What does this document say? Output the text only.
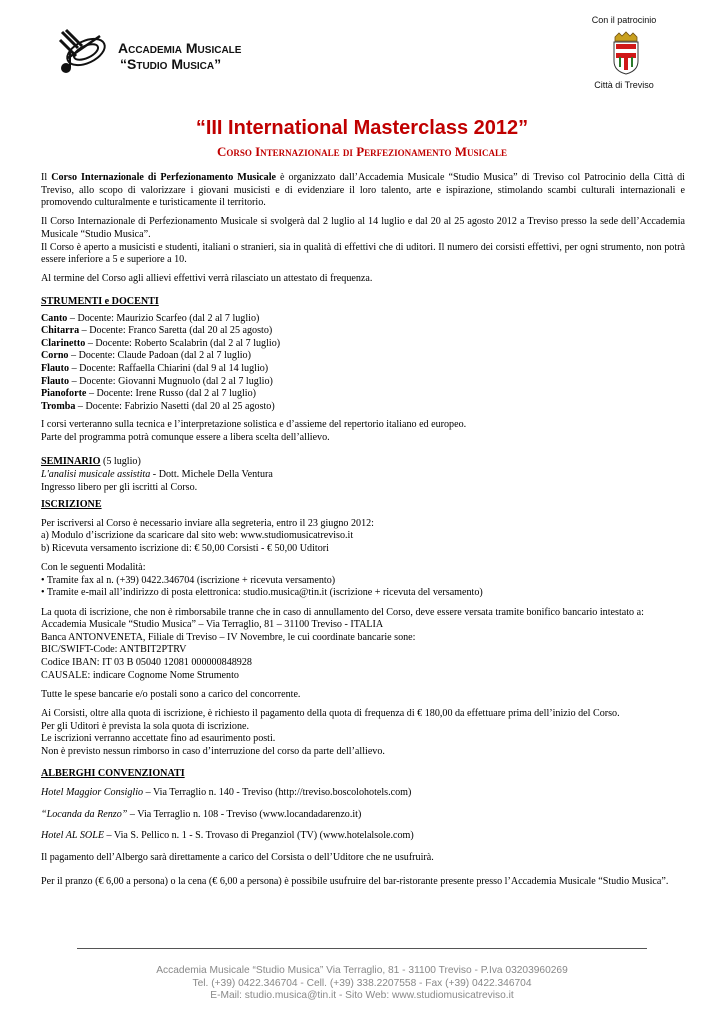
Accademia Musicale
“Studio Musica”
Con il patrocinio
Città di Treviso
“III International Masterclass 2012”
Corso Internazionale di Perfezionamento Musicale

Il Corso Internazionale di Perfezionamento Musicale è organizzato dall’Accademia Musicale “Studio Musica” di Treviso col Patrocinio della Città di Treviso, allo scopo di valorizzare i giovani musicisti e di evidenziare il loro talento, arte e ispirazione, stimolando scambi culturali internazionali e promovendo culturalmente e turisticamente il territorio.

Il Corso Internazionale di Perfezionamento Musicale si svolgerà dal 2 luglio al 14 luglio e dal 20 al 25 agosto 2012 a Treviso presso la sede dell’Accademia Musicale “Studio Musica”.
Il Corso è aperto a musicisti e studenti, italiani o stranieri, sia in qualità di effettivi che di uditori. Il numero dei corsisti effettivi, per ogni strumento, non potrà essere inferiore a 5 e superiore a 10.

Al termine del Corso agli allievi effettivi verrà rilasciato un attestato di frequenza.

STRUMENTI e DOCENTI
Canto – Docente: Maurizio Scarfeo (dal 2 al 7 luglio)
Chitarra – Docente: Franco Saretta (dal 20 al 25 agosto)
Clarinetto – Docente: Roberto Scalabrin (dal 2 al 7 luglio)
Corno – Docente: Claude Padoan (dal 2 al 7 luglio)
Flauto – Docente: Raffaella Chiarini (dal 9 al 14 luglio)
Flauto – Docente: Giovanni Mugnuolo (dal 2 al 7 luglio)
Pianoforte – Docente: Irene Russo (dal 2 al 7 luglio)
Tromba – Docente: Fabrizio Nasetti (dal 20 al 25 agosto)

I corsi verteranno sulla tecnica e l’interpretazione solistica e d’assieme del repertorio italiano ed europeo.
Parte del programma potrà comunque essere a libera scelta dell’allievo.

SEMINARIO (5 luglio)
L'analisi musicale assistita - Dott. Michele Della Ventura
Ingresso libero per gli iscritti al Corso.
ISCRIZIONE

Per iscriversi al Corso è necessario inviare alla segreteria, entro il 23 giugno 2012:
a) Modulo d’iscrizione da scaricare dal sito web: www.studiomusicatreviso.it
b) Ricevuta versamento iscrizione di: € 50,00 Corsisti - € 50,00 Uditori

Con le seguenti Modalità:
• Tramite fax al n. (+39) 0422.346704 (iscrizione + ricevuta versamento)
• Tramite e-mail all’indirizzo di posta elettronica: studio.musica@tin.it (iscrizione + ricevuta del versamento)

La quota di iscrizione, che non è rimborsabile tranne che in caso di annullamento del Corso, deve essere versata tramite bonifico bancario intestato a:
Accademia Musicale “Studio Musica” – Via Terraglio, 81 – 31100 Treviso - ITALIA
Banca ANTONVENETA, Filiale di Treviso – IV Novembre, le cui coordinate bancarie sone:
BIC/SWIFT-Code: ANTBIT2PTRV
Codice IBAN: IT 03 B 05040 12081 000000848928
CAUSALE: indicare Cognome Nome Strumento

Tutte le spese bancarie e/o postali sono a carico del concorrente.

Ai Corsisti, oltre alla quota di iscrizione, è richiesto il pagamento della quota di frequenza di € 180,00 da effettuare prima dell’inizio del Corso.
Per gli Uditori è prevista la sola quota di iscrizione.
Le iscrizioni verranno accettate fino ad esaurimento posti.
Non è previsto nessun rimborso in caso d’interruzione del corso da parte dell’allievo.

ALBERGHI CONVENZIONATI

Hotel Maggior Consiglio – Via Terraglio n. 140 - Treviso (http://treviso.boscolohotels.com)

“Locanda da Renzo” – Via Terraglio n. 108 - Treviso (www.locandadarenzo.it)

Hotel AL SOLE – Via S. Pellico n. 1 - S. Trovaso di Preganziol (TV) (www.hotelalsole.com)

Il pagamento dell’Albergo sarà direttamente a carico del Corsista o dell’Uditore che ne usufruirà.

Per il pranzo (€ 6,00 a persona) o la cena (€ 6,00 a persona) è possibile usufruire del bar-ristorante presente presso l’Accademia Musicale “Studio Musica”.

Accademia Musicale “Studio Musica” Via Terraglio, 81 - 31100 Treviso - P.Iva 03203960269
Tel. (+39) 0422.346704 - Cell. (+39) 338.2207558 - Fax (+39) 0422.346704
E-Mail: studio.musica@tin.it - Sito Web: www.studiomusicatreviso.it
